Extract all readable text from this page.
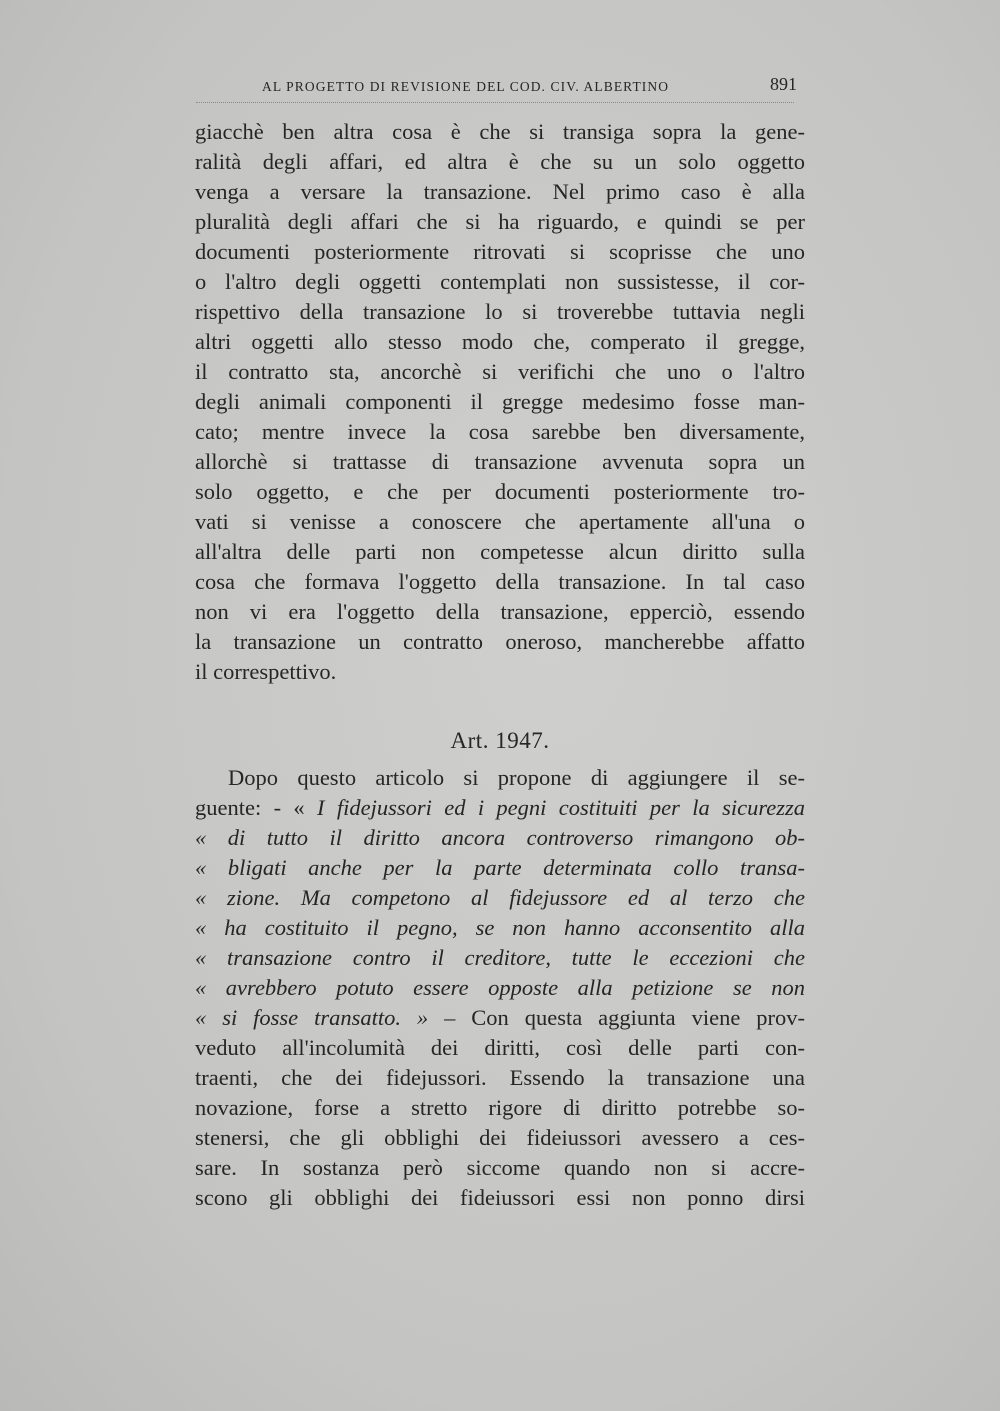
AL PROGETTO DI REVISIONE DEL COD. CIV. ALBERTINO	891
giacchè ben altra cosa è che si transiga sopra la gene-
ralità degli affari, ed altra è che su un solo oggetto
venga a versare la transazione. Nel primo caso è alla
pluralità degli affari che si ha riguardo, e quindi se per
documenti posteriormente ritrovati si scoprisse che uno
o l'altro degli oggetti contemplati non sussistesse, il cor-
rispettivo della transazione lo si troverebbe tuttavia negli
altri oggetti allo stesso modo che, comperato il gregge,
il contratto sta, ancorchè si verifichi che uno o l'altro
degli animali componenti il gregge medesimo fosse man-
cato; mentre invece la cosa sarebbe ben diversamente,
allorchè si trattasse di transazione avvenuta sopra un
solo oggetto, e che per documenti posteriormente tro-
vati si venisse a conoscere che apertamente all'una o
all'altra delle parti non competesse alcun diritto sulla
cosa che formava l'oggetto della transazione. In tal caso
non vi era l'oggetto della transazione, epperciò, essendo
la transazione un contratto oneroso, mancherebbe affatto
il correspettivo.
Art. 1947.
Dopo questo articolo si propone di aggiungere il se-
guente: - « I fidejussori ed i pegni costituiti per la sicurezza
« di tutto il diritto ancora controverso rimangono ob-
« bligati anche per la parte determinata collo transa-
« zione. Ma competono al fidejussore ed al terzo che
« ha costituito il pegno, se non hanno acconsentito alla
« transazione contro il creditore, tutte le eccezioni che
« avrebbero potuto essere opposte alla petizione se non
« si fosse transatto. » – Con questa aggiunta viene prov-
veduto all'incolumità dei diritti, così delle parti con-
traenti, che dei fidejussori. Essendo la transazione una
novazione, forse a stretto rigore di diritto potrebbe so-
stenersi, che gli obblighi dei fideiussori avessero a ces-
sare. In sostanza però siccome quando non si accre-
scono gli obblighi dei fideiussori essi non ponno dirsi
